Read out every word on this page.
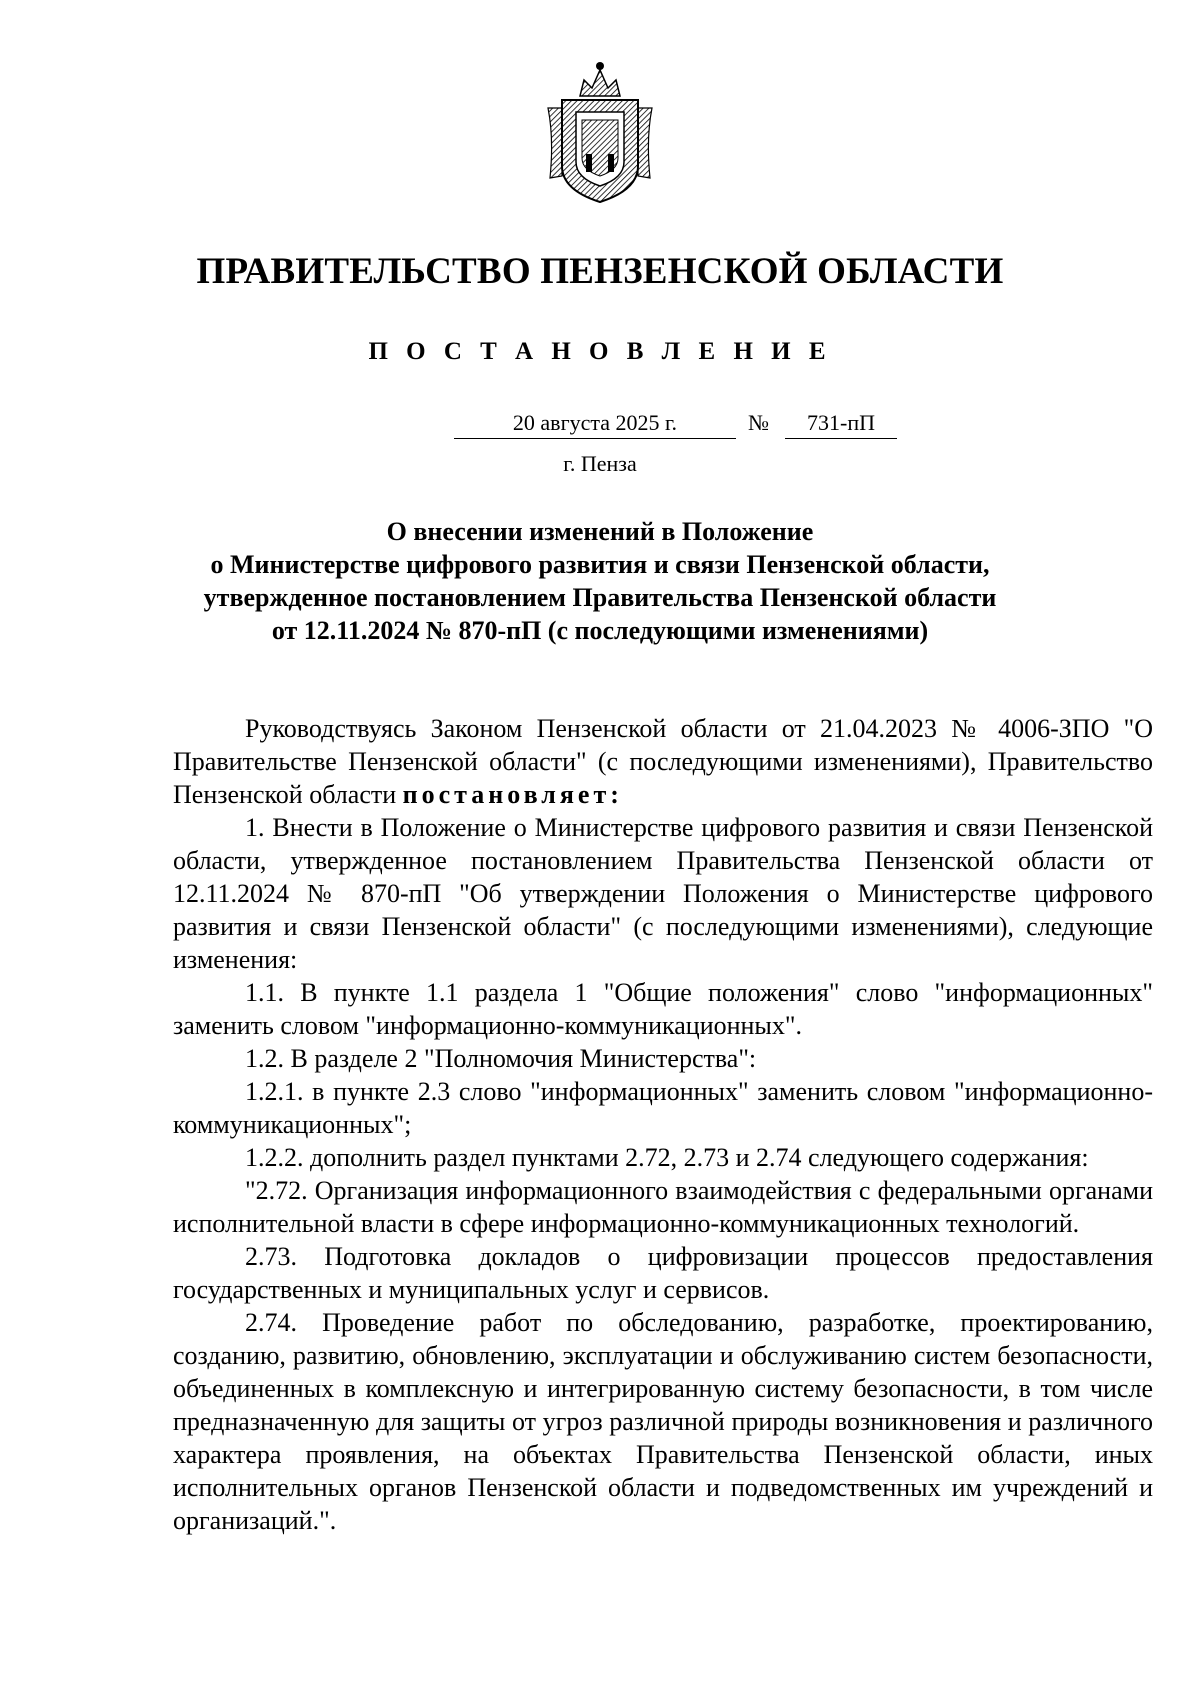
ПРАВИТЕЛЬСТВО ПЕНЗЕНСКОЙ ОБЛАСТИ
П О С Т А Н О В Л Е Н И Е
20 августа 2025 г.	№	731-пП
г. Пенза
О внесении изменений в Положение
о Министерстве цифрового развития и связи Пензенской области,
утвержденное постановлением Правительства Пензенской области
от 12.11.2024 № 870-пП (с последующими изменениями)

Руководствуясь Законом Пензенской области от 21.04.2023 № 4006-ЗПО "О Правительстве Пензенской области" (с последующими изменениями), Правительство Пензенской области постановляет:

1. Внести в Положение о Министерстве цифрового развития и связи Пензенской области, утвержденное постановлением Правительства Пензенской области от 12.11.2024 № 870-пП "Об утверждении Положения о Министерстве цифрового развития и связи Пензенской области" (с последующими изменениями), следующие изменения:

1.1. В пункте 1.1 раздела 1 "Общие положения" слово "информационных" заменить словом "информационно-коммуникационных".

1.2. В разделе 2 "Полномочия Министерства":

1.2.1. в пункте 2.3 слово "информационных" заменить словом "информационно-коммуникационных";

1.2.2. дополнить раздел пунктами 2.72, 2.73 и 2.74 следующего содержания:

"2.72. Организация информационного взаимодействия с федеральными органами исполнительной власти в сфере информационно-коммуникационных технологий.

2.73. Подготовка докладов о цифровизации процессов предоставления государственных и муниципальных услуг и сервисов.

2.74. Проведение работ по обследованию, разработке, проектированию, созданию, развитию, обновлению, эксплуатации и обслуживанию систем безопасности, объединенных в комплексную и интегрированную систему безопасности, в том числе предназначенную для защиты от угроз различной природы возникновения и различного характера проявления, на объектах Правительства Пензенской области, иных исполнительных органов Пензенской области и подведомственных им учреждений и организаций.".
